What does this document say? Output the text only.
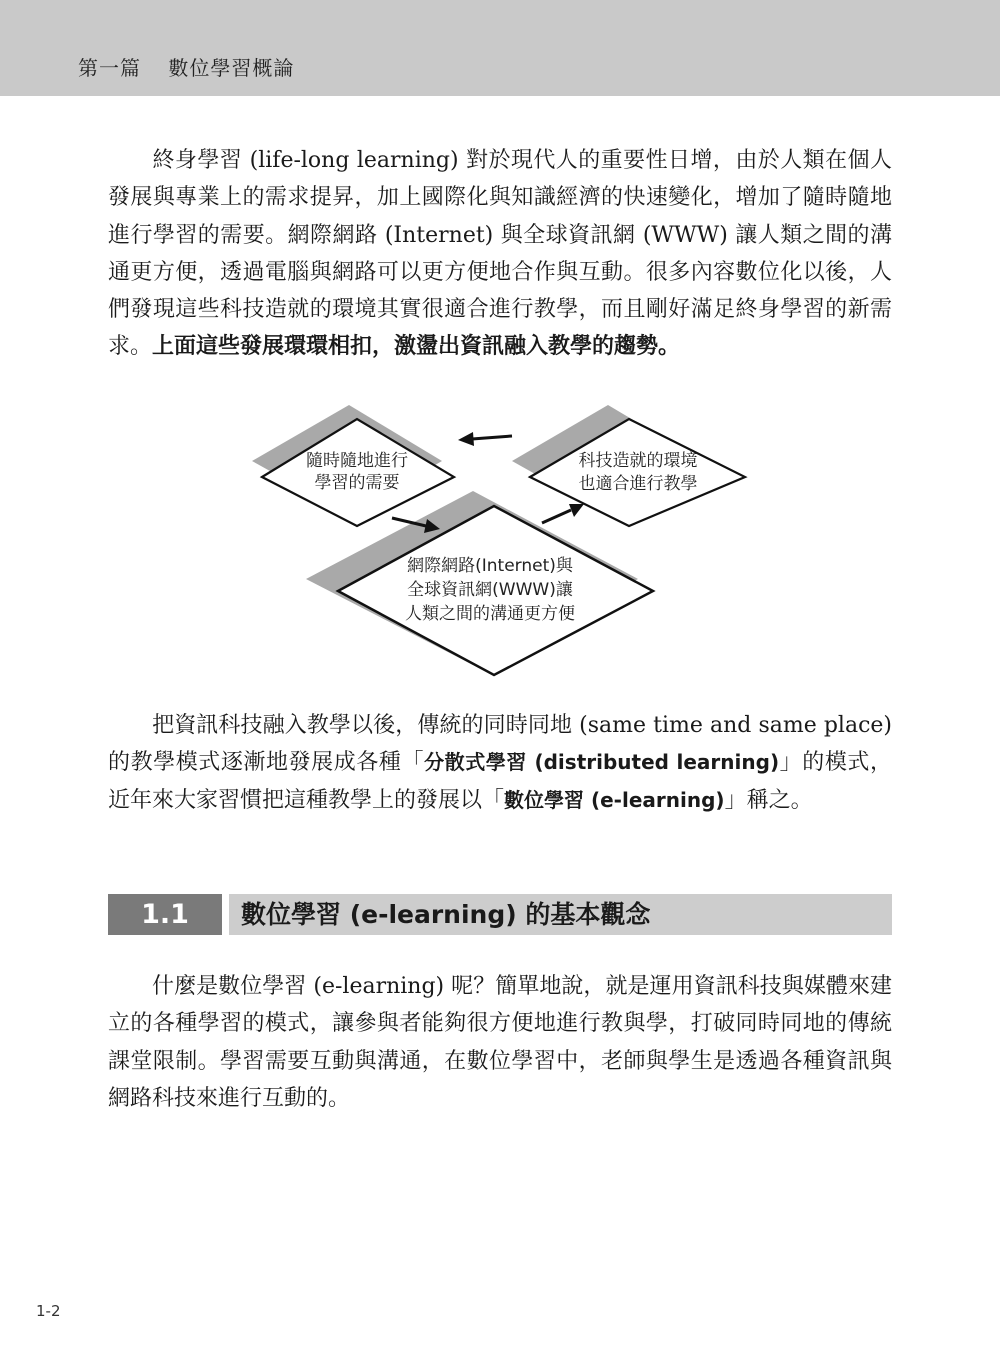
第一篇 數位學習概論

終身學習 (life-long learning) 對於現代人的重要性日增，由於人類在個人發展與專業上的需求提昇，加上國際化與知識經濟的快速變化，增加了隨時隨地進行學習的需要。網際網路 (Internet) 與全球資訊網 (WWW) 讓人類之間的溝通更方便，透過電腦與網路可以更方便地合作與互動。很多內容數位化以後，人們發現這些科技造就的環境其實很適合進行教學，而且剛好滿足終身學習的新需求。上面這些發展環環相扣，激盪出資訊融入教學的趨勢。

隨時隨地進行
學習的需要
科技造就的環境
也適合進行教學
網際網路(Internet)與
全球資訊網(WWW)讓
人類之間的溝通更方便

把資訊科技融入教學以後，傳統的同時同地 (same time and same place) 的教學模式逐漸地發展成各種「分散式學習 (distributed learning)」的模式，近年來大家習慣把這種教學上的發展以「數位學習 (e-learning)」稱之。

1.1	數位學習 (e-learning) 的基本觀念

什麼是數位學習 (e-learning) 呢？簡單地說，就是運用資訊科技與媒體來建立的各種學習的模式，讓參與者能夠很方便地進行教與學，打破同時同地的傳統課堂限制。學習需要互動與溝通，在數位學習中，老師與學生是透過各種資訊與網路科技來進行互動的。

1-2
